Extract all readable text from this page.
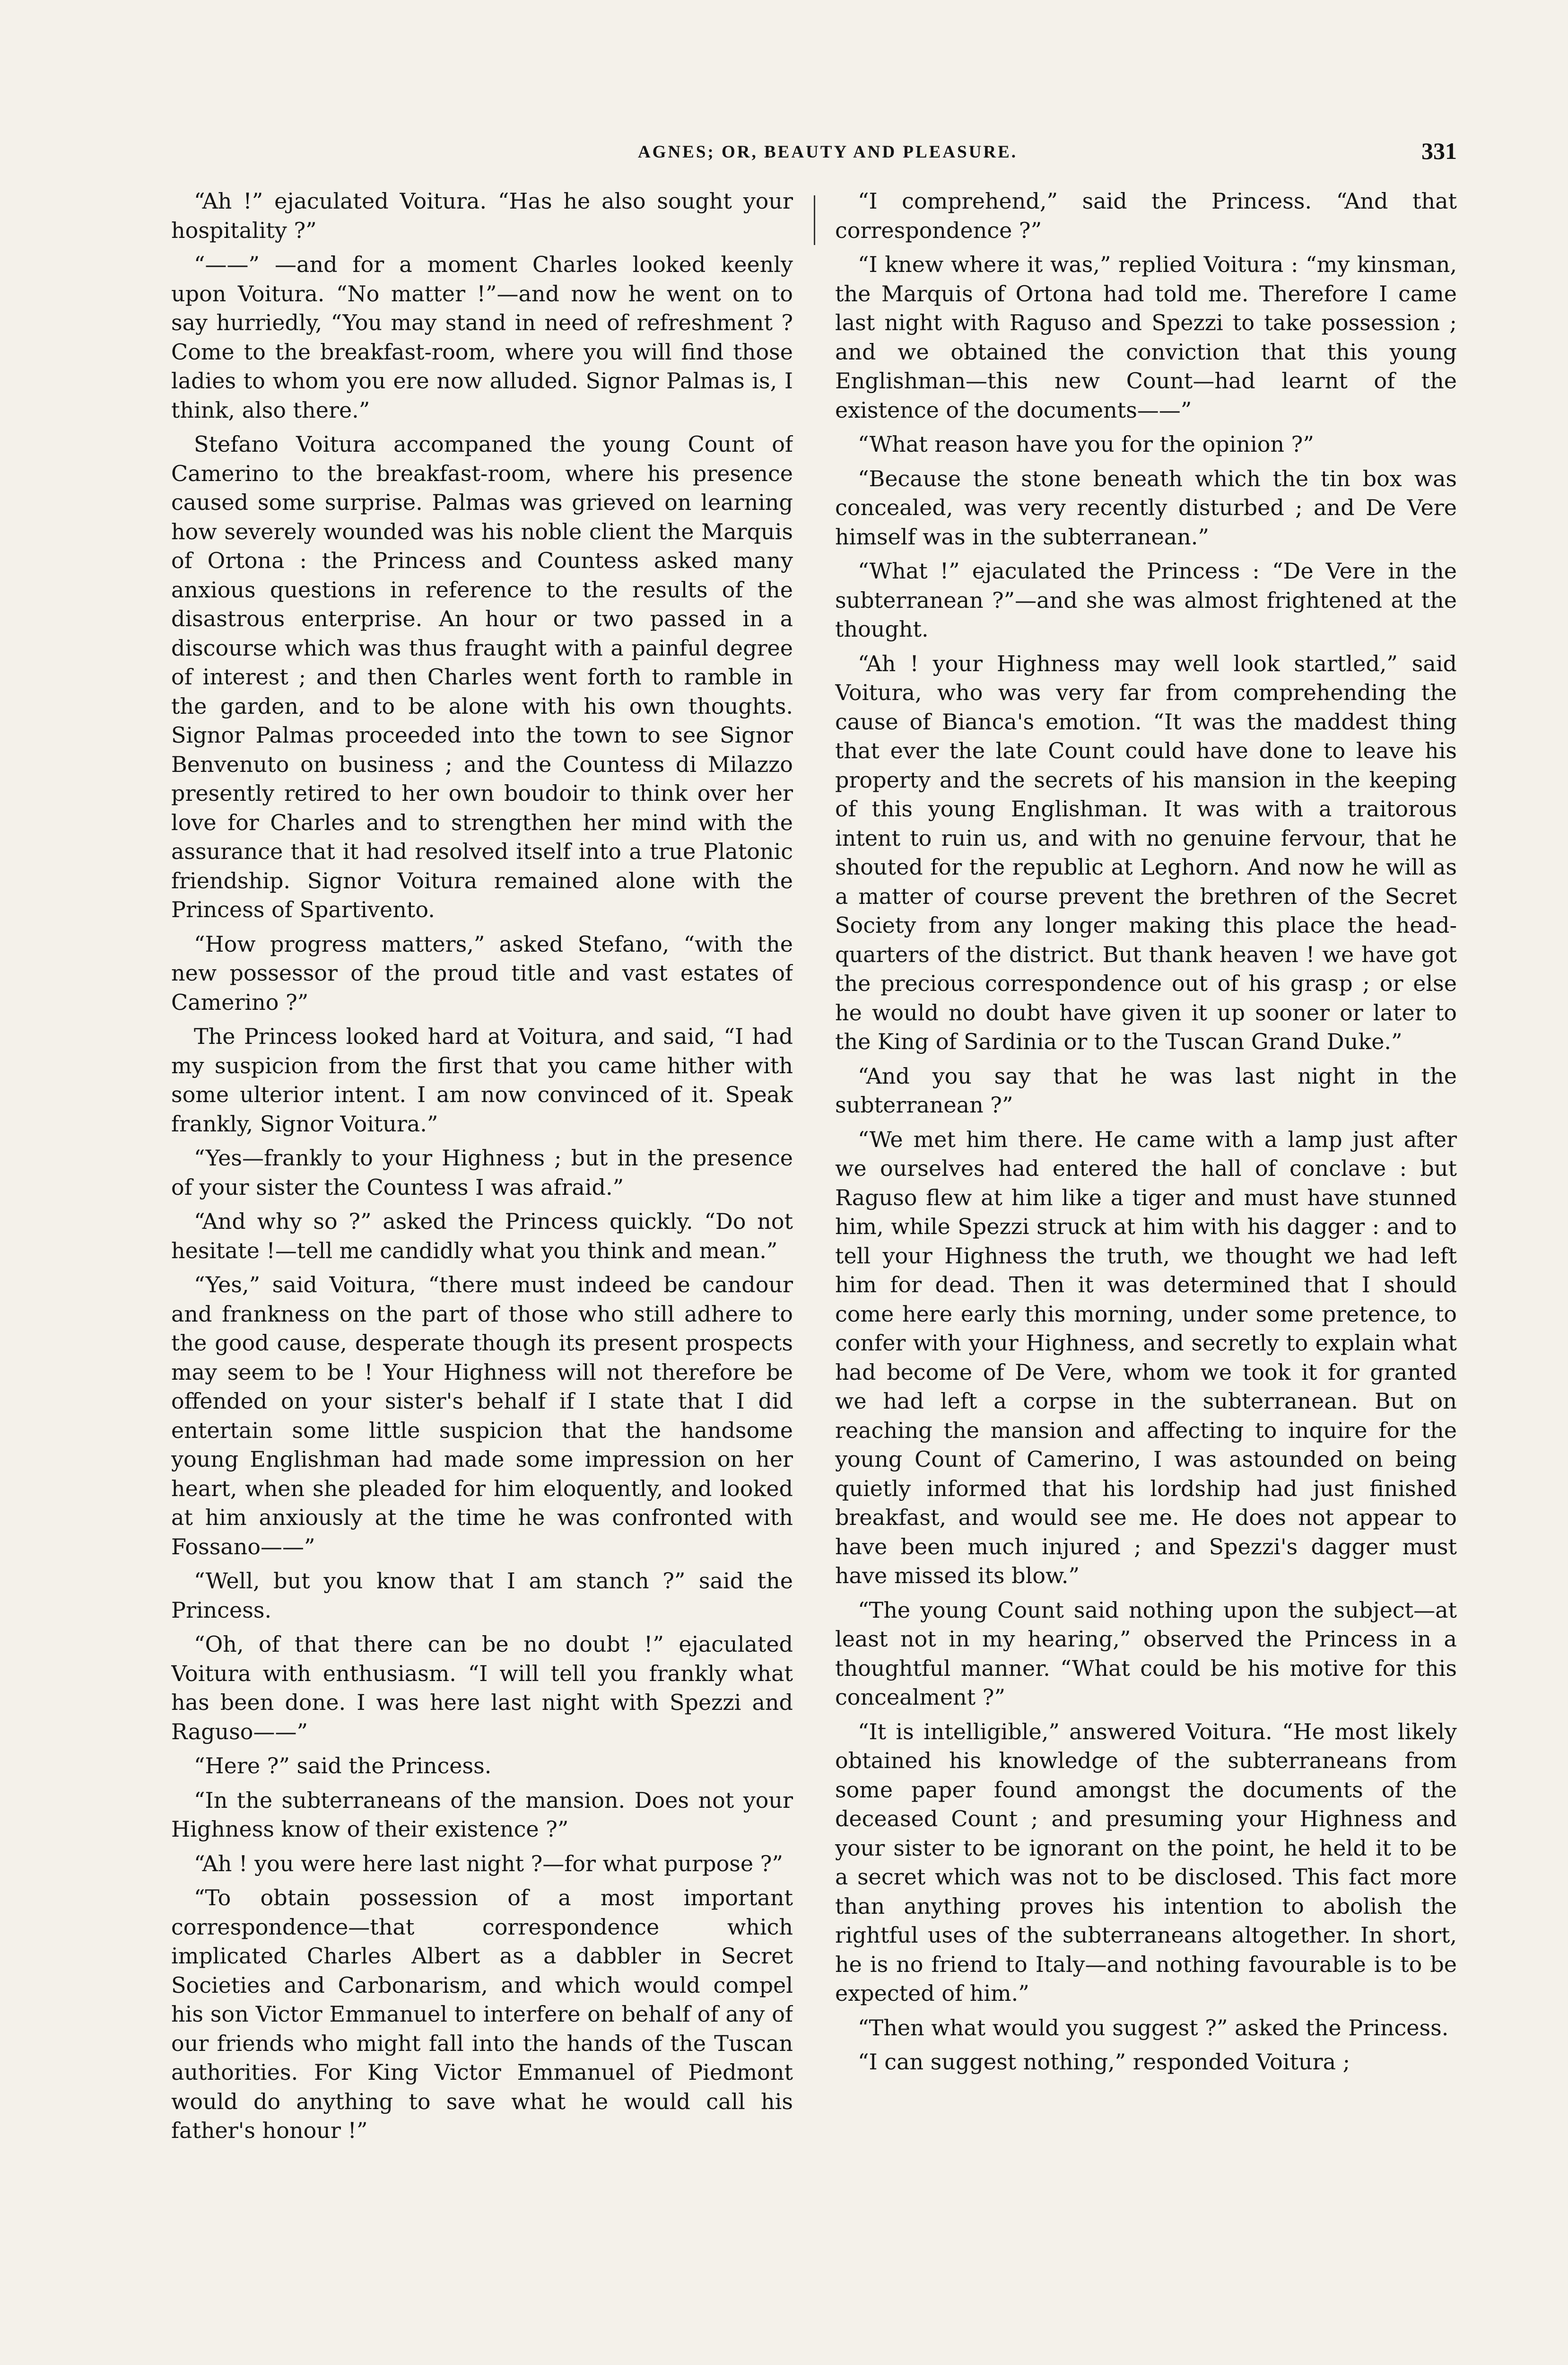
AGNES; OR, BEAUTY AND PLEASURE.	331

“Ah !” ejaculated Voitura. “Has he also sought your hospitality ?”

“——” —and for a moment Charles looked keenly upon Voitura. “No matter !”—and now he went on to say hurriedly, “You may stand in need of refreshment ? Come to the breakfast-room, where you will find those ladies to whom you ere now alluded. Signor Palmas is, I think, also there.”

Stefano Voitura accompaned the young Count of Camerino to the breakfast-room, where his presence caused some surprise. Palmas was grieved on learning how severely wounded was his noble client the Marquis of Ortona : the Princess and Countess asked many anxious questions in reference to the results of the disastrous enterprise. An hour or two passed in a discourse which was thus fraught with a painful degree of interest ; and then Charles went forth to ramble in the garden, and to be alone with his own thoughts. Signor Palmas proceeded into the town to see Signor Benvenuto on business ; and the Countess di Milazzo presently retired to her own boudoir to think over her love for Charles and to strengthen her mind with the assurance that it had resolved itself into a true Platonic friendship. Signor Voitura remained alone with the Princess of Spartivento.

“How progress matters,” asked Stefano, “with the new possessor of the proud title and vast estates of Camerino ?”

The Princess looked hard at Voitura, and said, “I had my suspicion from the first that you came hither with some ulterior intent. I am now convinced of it. Speak frankly, Signor Voitura.”

“Yes—frankly to your Highness ; but in the presence of your sister the Countess I was afraid.”

“And why so ?” asked the Princess quickly. “Do not hesitate !—tell me candidly what you think and mean.”

“Yes,” said Voitura, “there must indeed be candour and frankness on the part of those who still adhere to the good cause, desperate though its present prospects may seem to be ! Your Highness will not therefore be offended on your sister's behalf if I state that I did entertain some little suspicion that the handsome young Englishman had made some impression on her heart, when she pleaded for him eloquently, and looked at him anxiously at the time he was confronted with Fossano——”

“Well, but you know that I am stanch ?” said the Princess.

“Oh, of that there can be no doubt !” ejaculated Voitura with enthusiasm. “I will tell you frankly what has been done. I was here last night with Spezzi and Raguso——”

“Here ?” said the Princess.

“In the subterraneans of the mansion. Does not your Highness know of their existence ?”

“Ah ! you were here last night ?—for what purpose ?”

“To obtain possession of a most important correspondence—that correspondence which implicated Charles Albert as a dabbler in Secret Societies and Carbonarism, and which would compel his son Victor Emmanuel to interfere on behalf of any of our friends who might fall into the hands of the Tuscan authorities. For King Victor Emmanuel of Piedmont would do anything to save what he would call his father's honour !”

“I comprehend,” said the Princess. “And that correspondence ?”

“I knew where it was,” replied Voitura : “my kinsman, the Marquis of Ortona had told me. Therefore I came last night with Raguso and Spezzi to take possession ; and we obtained the conviction that this young Englishman—this new Count—had learnt of the existence of the documents——”

“What reason have you for the opinion ?”

“Because the stone beneath which the tin box was concealed, was very recently disturbed ; and De Vere himself was in the subterranean.”

“What !” ejaculated the Princess : “De Vere in the subterranean ?”—and she was almost frightened at the thought.

“Ah ! your Highness may well look startled,” said Voitura, who was very far from comprehending the cause of Bianca's emotion. “It was the maddest thing that ever the late Count could have done to leave his property and the secrets of his mansion in the keeping of this young Englishman. It was with a traitorous intent to ruin us, and with no genuine fervour, that he shouted for the republic at Leghorn. And now he will as a matter of course prevent the brethren of the Secret Society from any longer making this place the head-quarters of the district. But thank heaven ! we have got the precious correspondence out of his grasp ; or else he would no doubt have given it up sooner or later to the King of Sardinia or to the Tuscan Grand Duke.”

“And you say that he was last night in the subterranean ?”

“We met him there. He came with a lamp just after we ourselves had entered the hall of conclave : but Raguso flew at him like a tiger and must have stunned him, while Spezzi struck at him with his dagger : and to tell your Highness the truth, we thought we had left him for dead. Then it was determined that I should come here early this morning, under some pretence, to confer with your Highness, and secretly to explain what had become of De Vere, whom we took it for granted we had left a corpse in the subterranean. But on reaching the mansion and affecting to inquire for the young Count of Camerino, I was astounded on being quietly informed that his lordship had just finished breakfast, and would see me. He does not appear to have been much injured ; and Spezzi's dagger must have missed its blow.”

“The young Count said nothing upon the subject—at least not in my hearing,” observed the Princess in a thoughtful manner. “What could be his motive for this concealment ?”

“It is intelligible,” answered Voitura. “He most likely obtained his knowledge of the subterraneans from some paper found amongst the documents of the deceased Count ; and presuming your Highness and your sister to be ignorant on the point, he held it to be a secret which was not to be disclosed. This fact more than anything proves his intention to abolish the rightful uses of the subterraneans altogether. In short, he is no friend to Italy—and nothing favourable is to be expected of him.”

“Then what would you suggest ?” asked the Princess.

“I can suggest nothing,” responded Voitura ;
